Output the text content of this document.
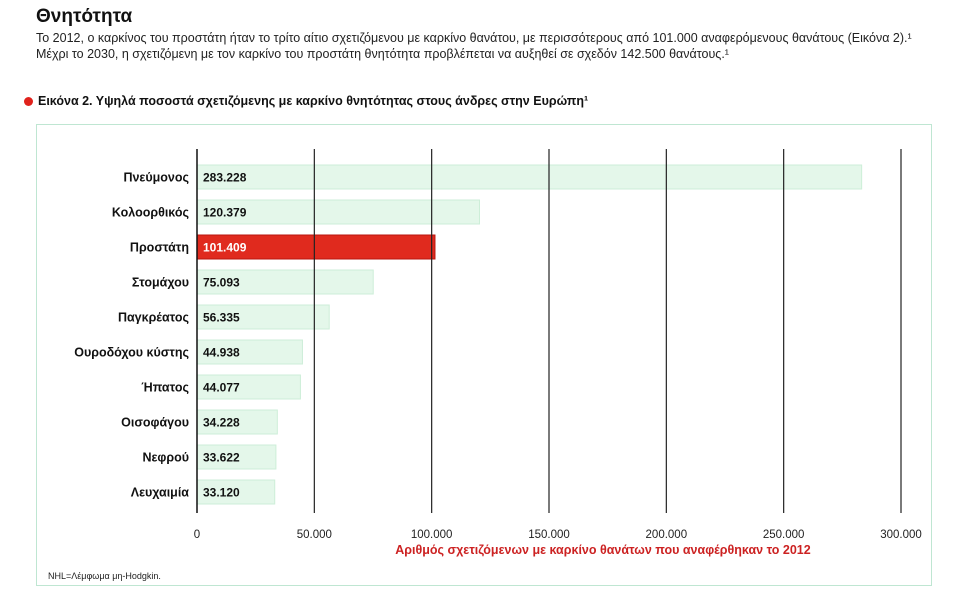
Θνητότητα
Το 2012, ο καρκίνος του προστάτη ήταν το τρίτο αίτιο σχετιζόμενου με καρκίνο θανάτου, με περισσότερους από 101.000 αναφερόμενους θανάτους (Εικόνα 2).¹ Μέχρι το 2030, η σχετιζόμενη με τον καρκίνο του προστάτη θνητότητα προβλέπεται να αυξηθεί σε σχεδόν 142.500 θανάτους.¹
Εικόνα 2. Υψηλά ποσοστά σχετιζόμενης με καρκίνο θνητότητας στους άνδρες στην Ευρώπη¹
Πνεύμονος 283.228
Κολοορθικός 120.379
Προστάτη 101.409
Στομάχου 75.093
Παγκρέατος 56.335
Ουροδόχου κύστης 44.938
Ήπατος 44.077
Οισοφάγου 34.228
Νεφρού 33.622
Λευχαιμία 33.120
0	50.000	100.000	150.000	200.000	250.000	300.000
Αριθμός σχετιζόμενων με καρκίνο θανάτων που αναφέρθηκαν το 2012
NHL=Λέμφωμα μη-Hodgkin.
